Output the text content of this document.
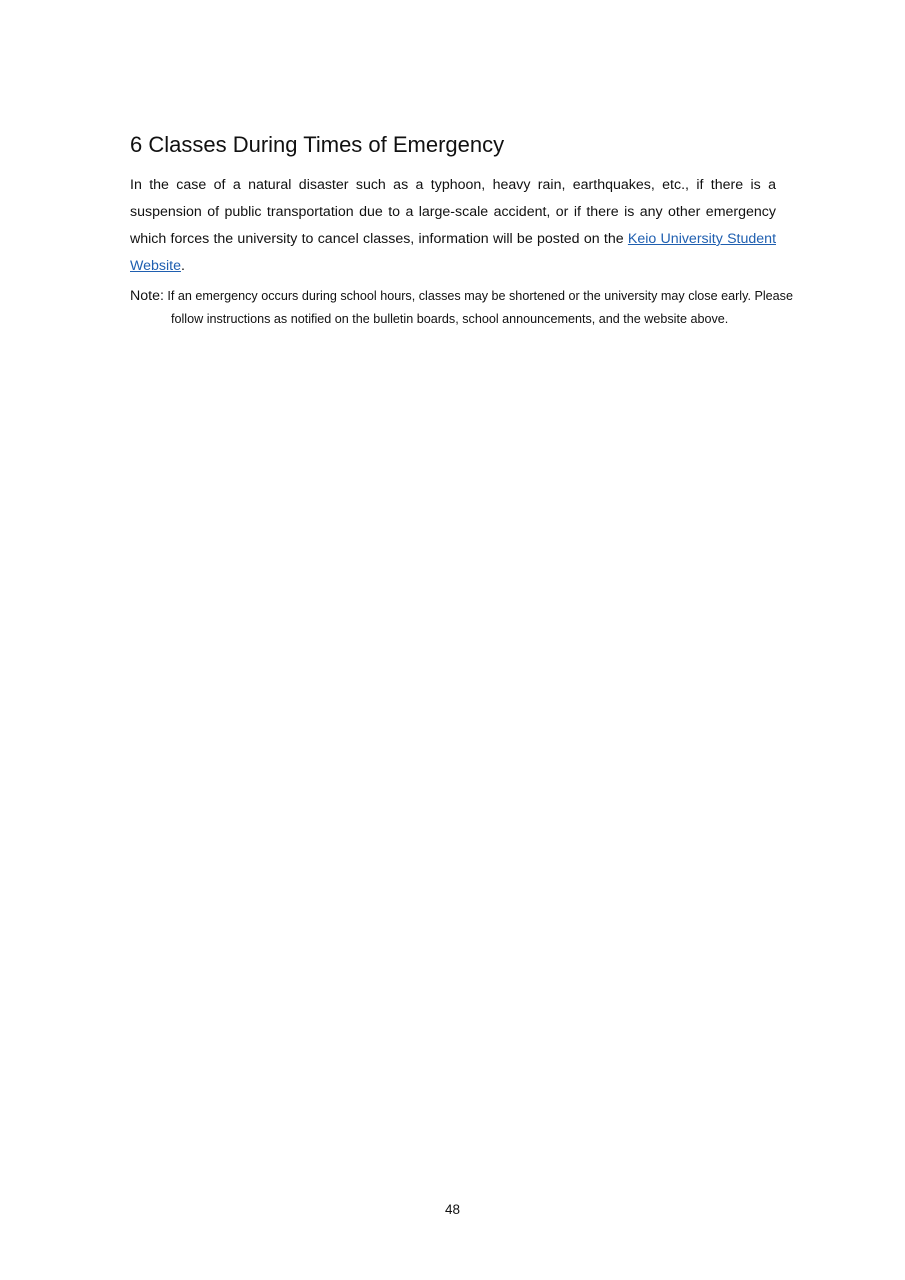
6 Classes During Times of Emergency

In the case of a natural disaster such as a typhoon, heavy rain, earthquakes, etc., if there is a suspension of public transportation due to a large-scale accident, or if there is any other emergency which forces the university to cancel classes, information will be posted on the Keio University Student Website.

Note: If an emergency occurs during school hours, classes may be shortened or the university may close early. Please follow instructions as notified on the bulletin boards, school announcements, and the website above.

48
